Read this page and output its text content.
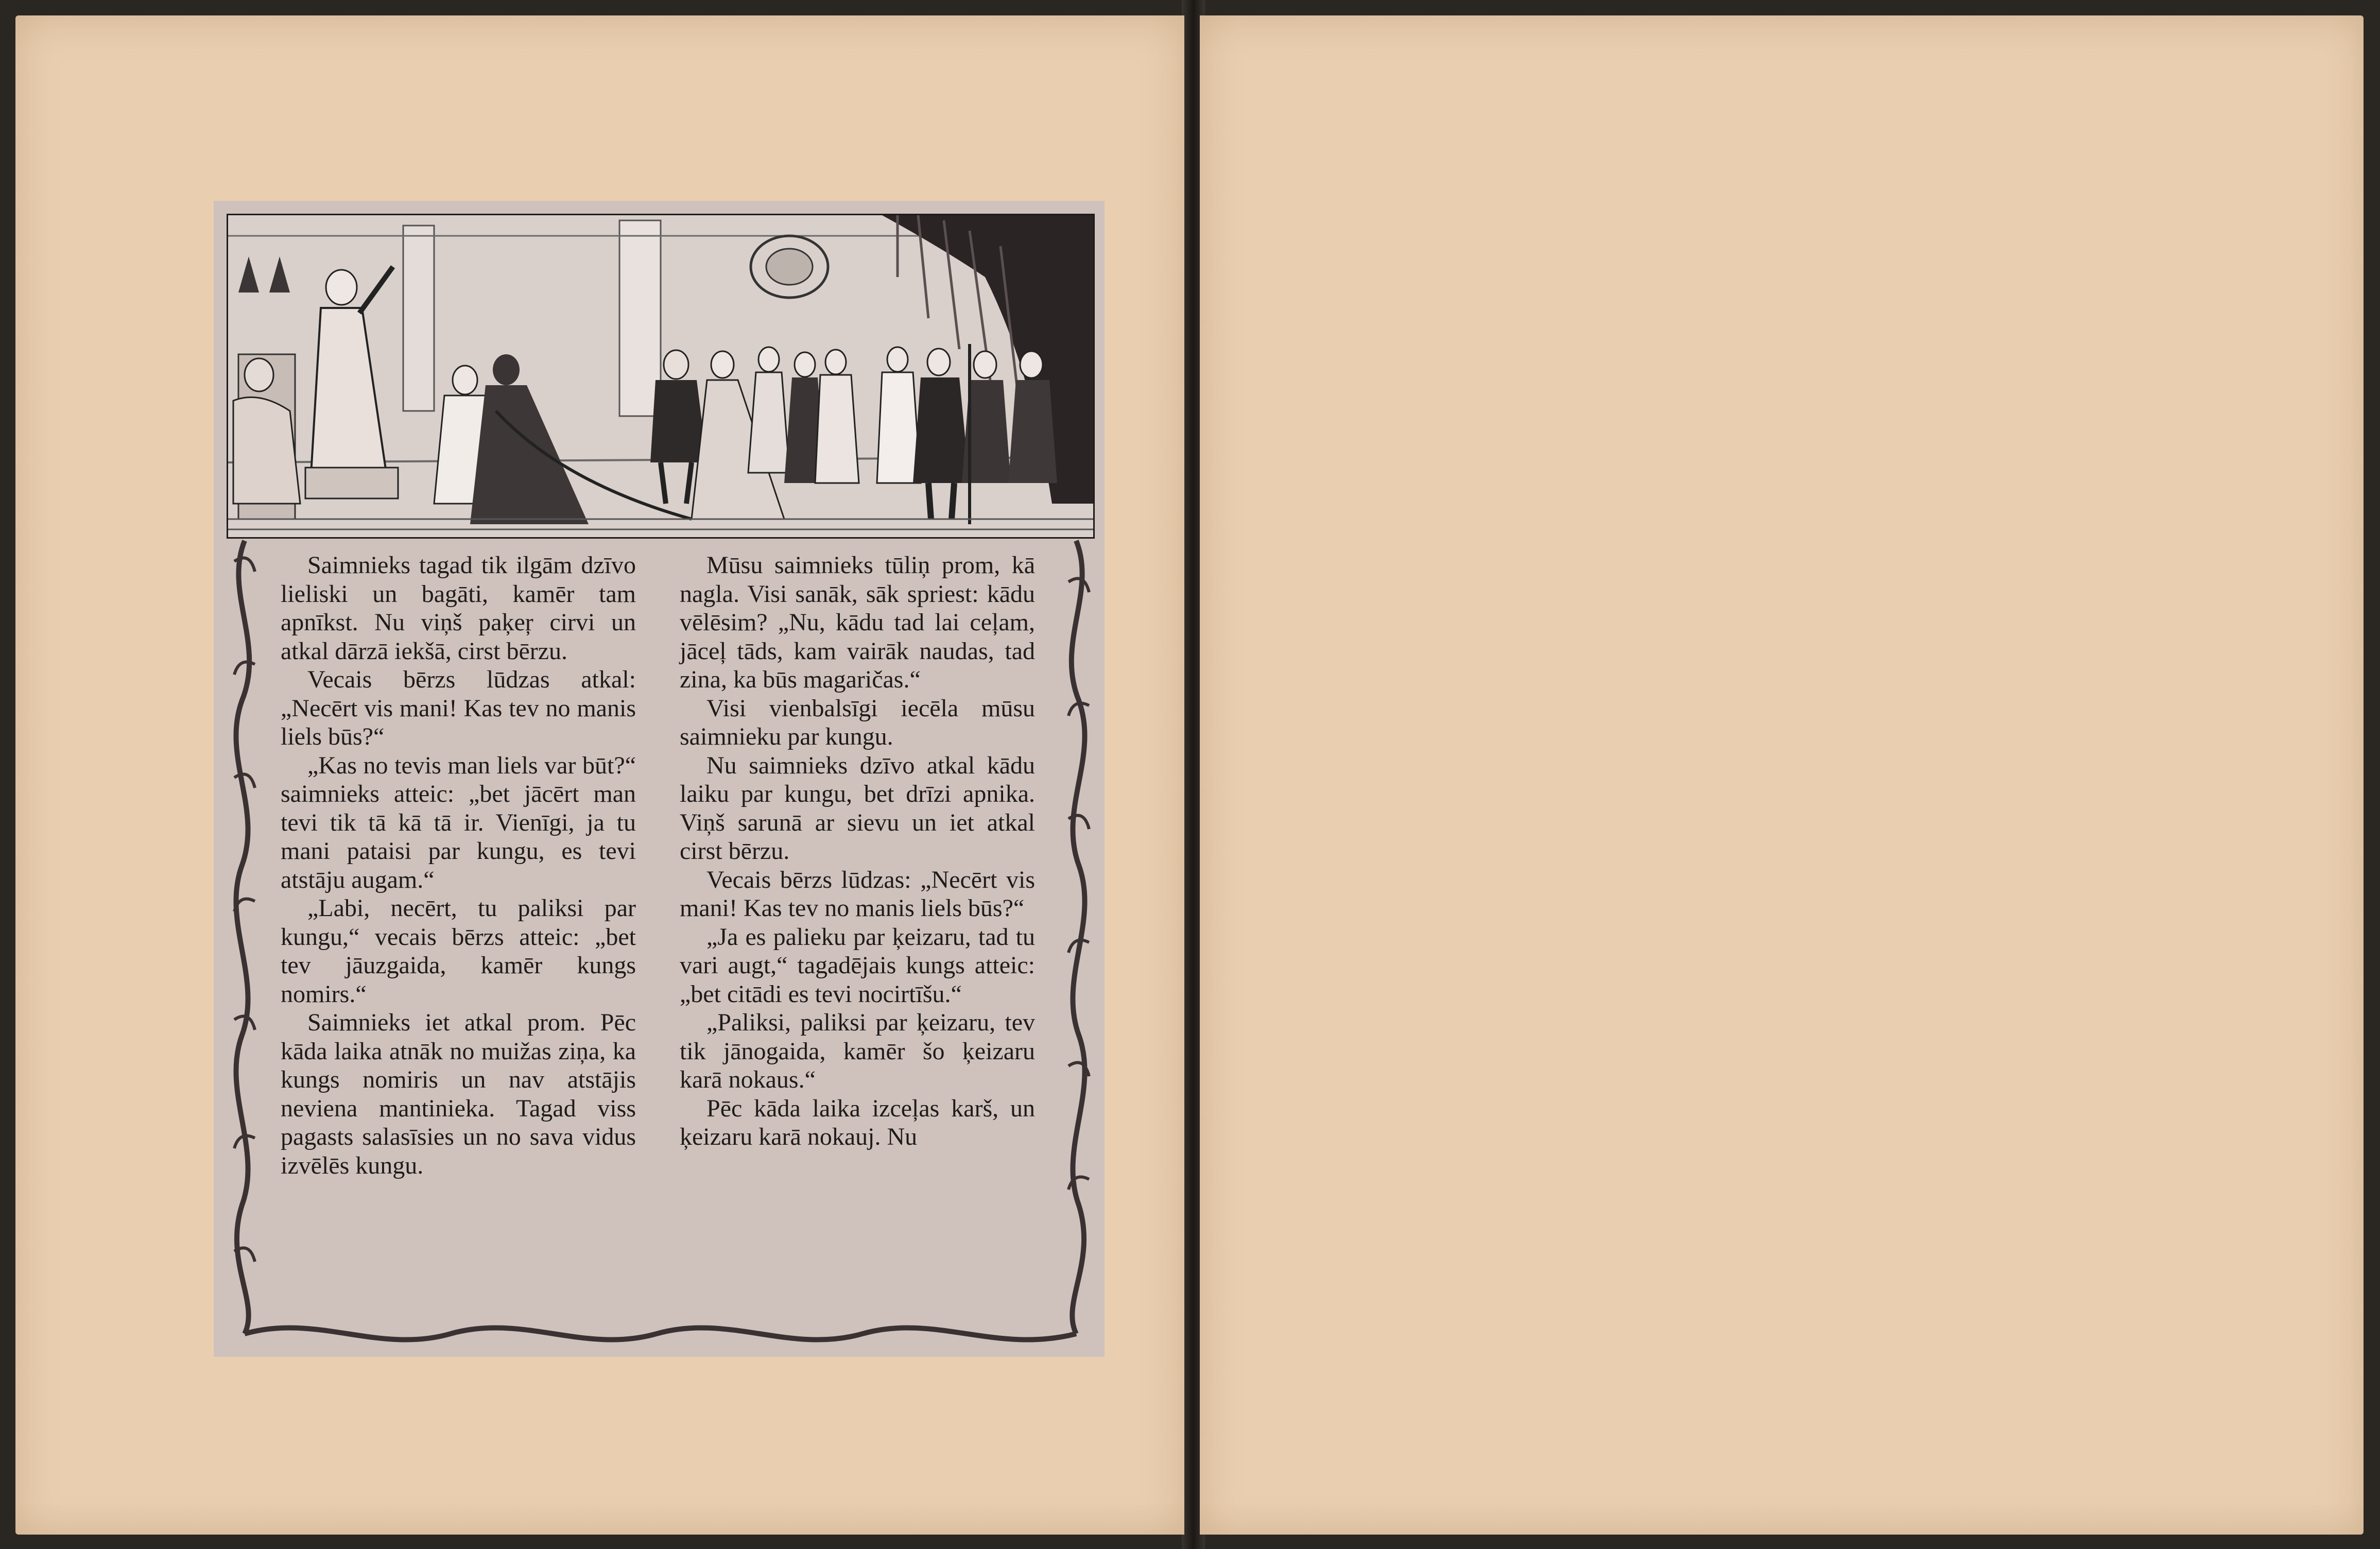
Saimnieks tagad tik ilgām dzīvo lieliski un bagāti, kamēr tam apnīkst. Nu viņš paķeŗ cirvi un atkal dārzā iekšā, cirst bērzu.

Vecais bērzs lūdzas atkal: „Necērt vis mani! Kas tev no manis liels būs?“

„Kas no tevis man liels var būt?“ saimnieks atteic: „bet jācērt man tevi tik tā kā tā ir. Vienīgi, ja tu mani pataisi par kungu, es tevi atstāju augam.“

„Labi, necērt, tu paliksi par kungu,“ vecais bērzs atteic: „bet tev jāuzgaida, kamēr kungs nomirs.“

Saimnieks iet atkal prom. Pēc kāda laika atnāk no muižas ziņa, ka kungs nomiris un nav atstājis neviena mantinieka. Tagad viss pagasts salasīsies un no sava vidus izvēlēs kungu.

Mūsu saimnieks tūliņ prom, kā nagla. Visi sanāk, sāk spriest: kādu vēlēsim? „Nu, kādu tad lai ceļam, jāceļ tāds, kam vairāk naudas, tad zina, ka būs magaričas.“

Visi vienbalsīgi iecēla mūsu saimnieku par kungu.

Nu saimnieks dzīvo atkal kādu laiku par kungu, bet drīzi apnika. Viņš sarunā ar sievu un iet atkal cirst bērzu.

Vecais bērzs lūdzas: „Necērt vis mani! Kas tev no manis liels būs?“

„Ja es palieku par ķeizaru, tad tu vari augt,“ tagadējais kungs atteic: „bet citādi es tevi nocirtīšu.“

„Paliksi, paliksi par ķeizaru, tev tik jānogaida, kamēr šo ķeizaru karā nokaus.“

Pēc kāda laika izceļas karš, un ķeizaru karā nokauj. Nu
